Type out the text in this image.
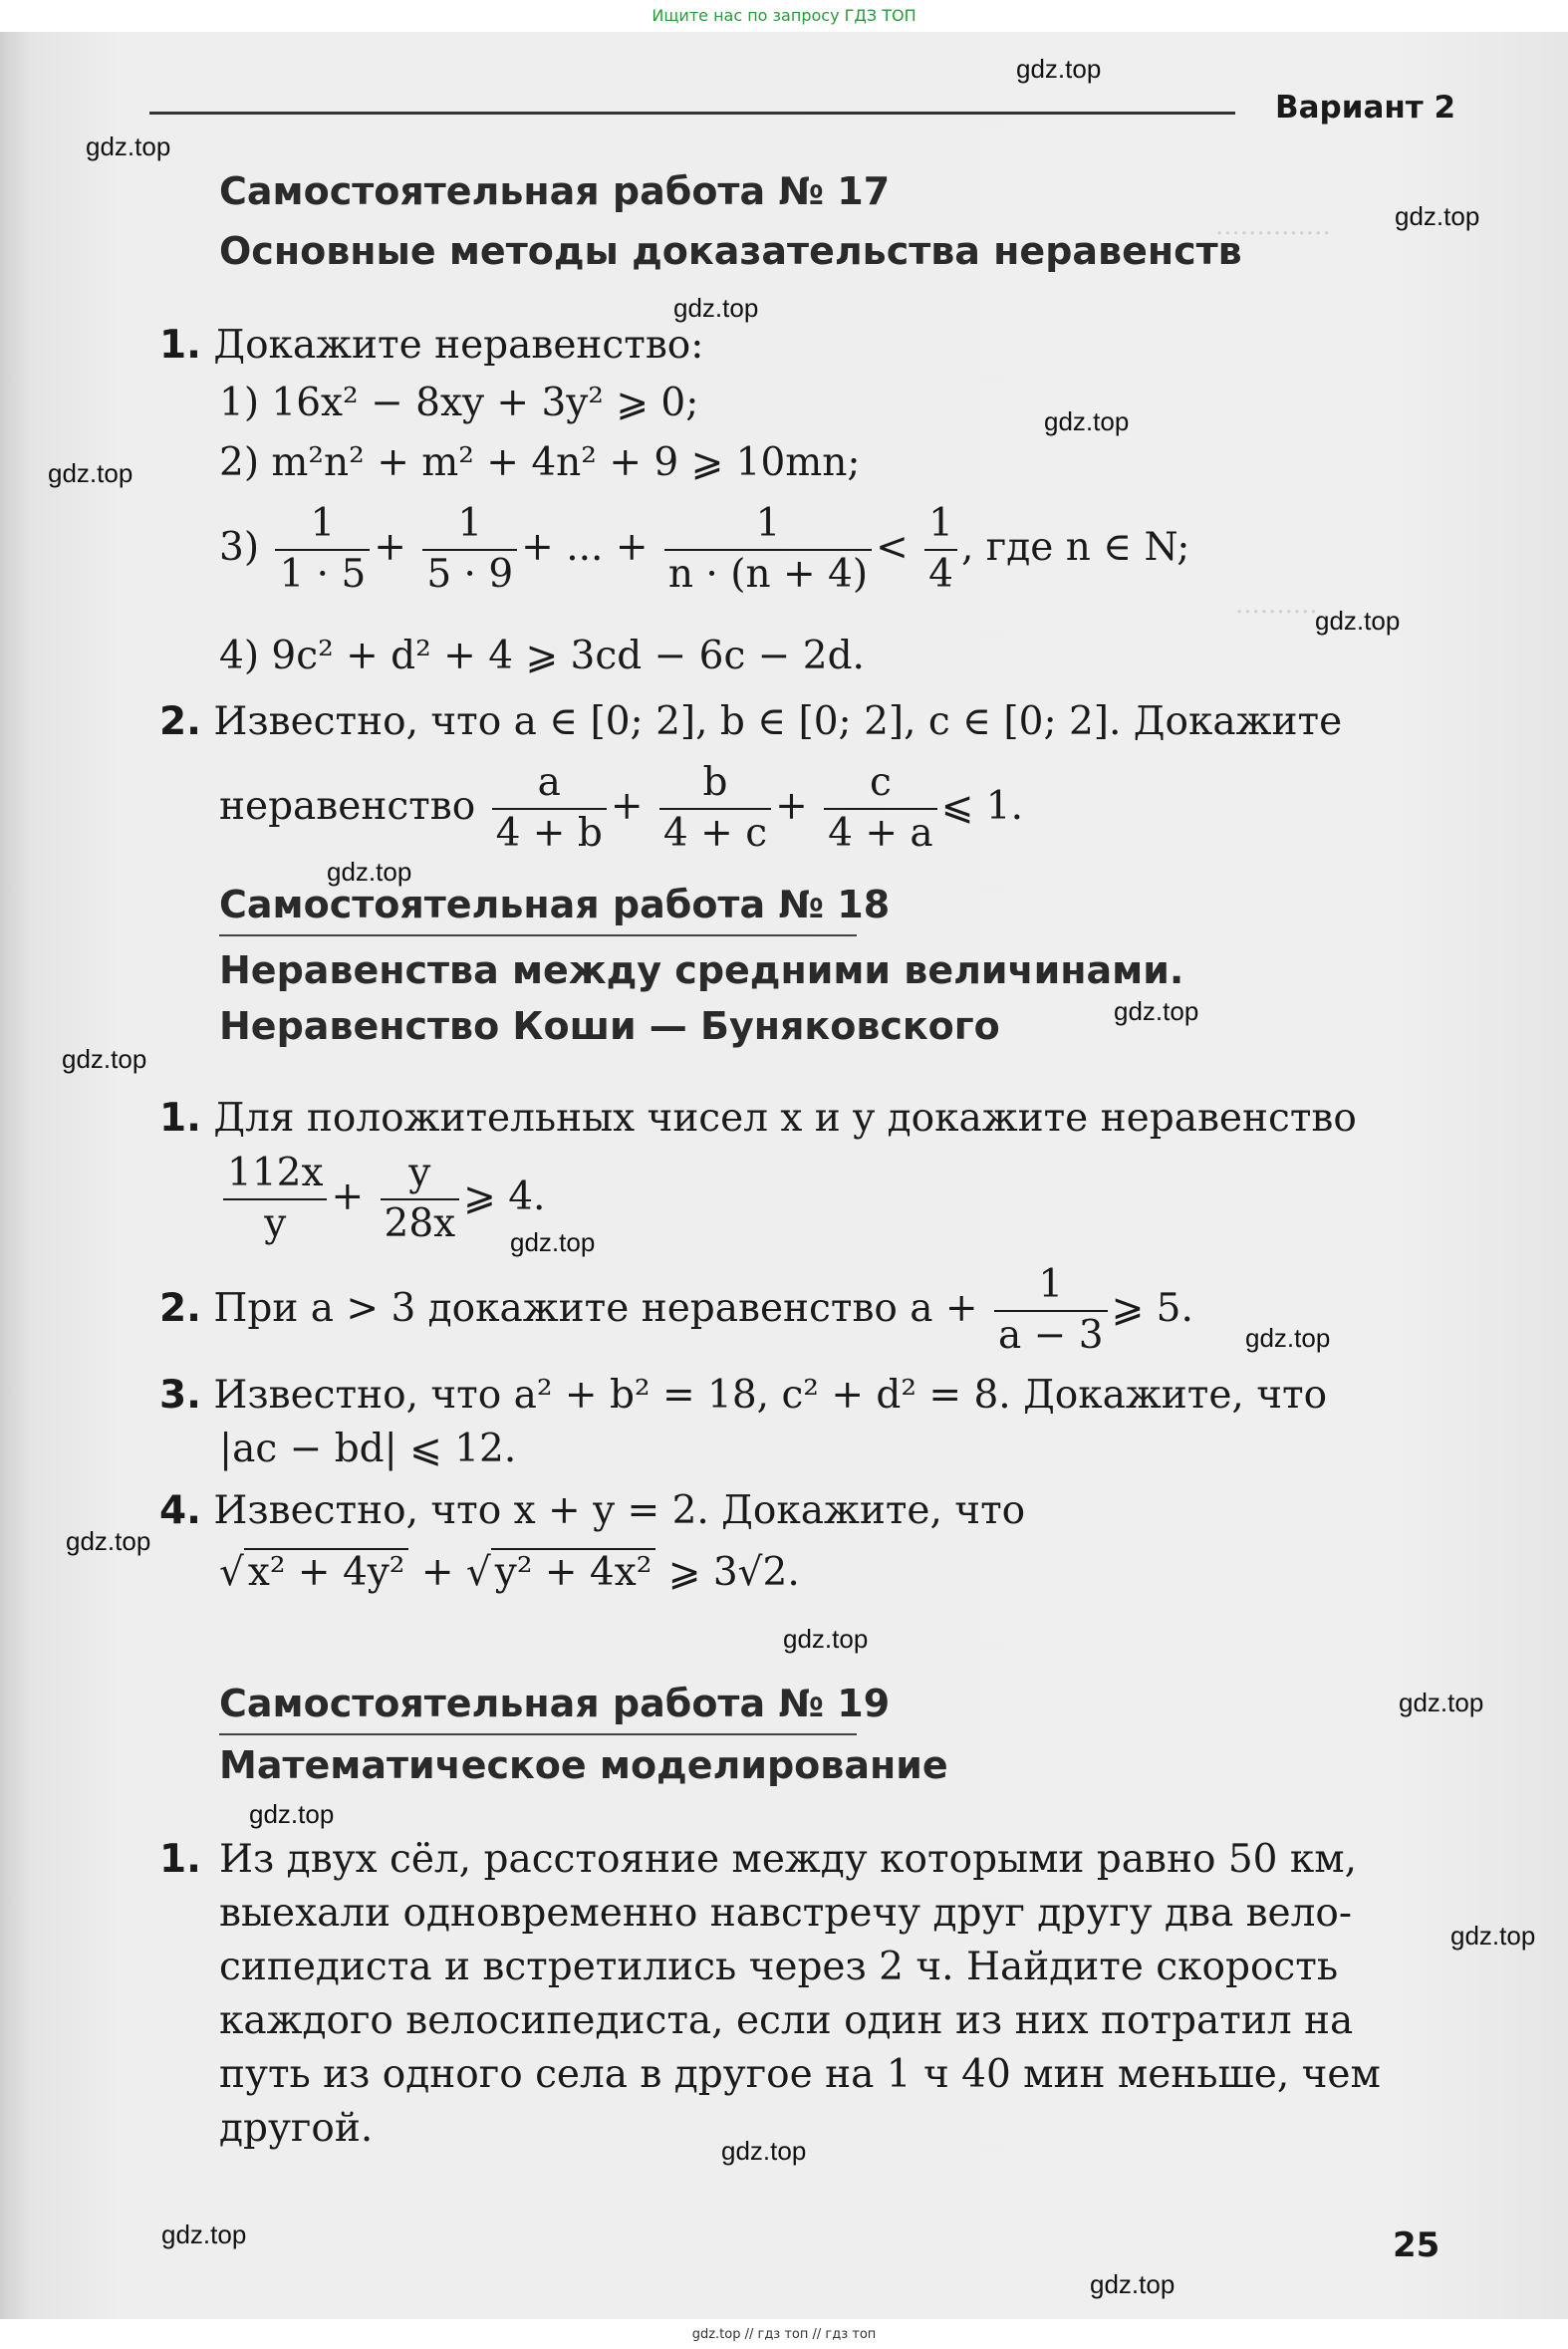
Ищите нас по запросу ГДЗ ТОП
..............
..........
Вариант 2
gdz.top
gdz.top
gdz.top
gdz.top
gdz.top
gdz.top
gdz.top
gdz.top
gdz.top
gdz.top
gdz.top
gdz.top
gdz.top
gdz.top
gdz.top
gdz.top
gdz.top
gdz.top
gdz.top
gdz.top
Самостоятельная работа № 17
Основные методы доказательства неравенств
1. Докажите неравенство:
1) 16x² − 8xy + 3y² ⩾ 0;
2) m²n² + m² + 4n² + 9 ⩾ 10mn;
$3) \frac{1}{1 \cdot 5} + \frac{1}{5 \cdot 9}$ + ... + $\frac{1}{n \cdot (n + 4)} < \frac{1}{4}$ , где n ∈ N;
4) 9c² + d² + 4 ⩾ 3cd − 6c − 2d.
2. Известно, что a ∈ [0; 2], b ∈ [0; 2], c ∈ [0; 2]. Докажите
неравенство $\frac{a}{4 + b} + \frac{b}{4 + c} + \frac{c}{4 + a}$ ⩽ 1.
Самостоятельная работа № 18
Неравенства между средними величинами.
Неравенство Коши — Буняковского
1. Для положительных чисел x и y докажите неравенство
$\frac{112x}{y} + \frac{y}{28x}$ ⩾ 4.
2. При a > 3 докажите неравенство $a + \frac{1}{a - 3}$ ⩾ 5.
3. Известно, что a² + b² = 18, c² + d² = 8. Докажите, что
|ac − bd| ⩽ 12.
4. Известно, что x + y = 2. Докажите, что
√ x² + 4y² + √ y² + 4x² ⩾ 3√2.
Самостоятельная работа № 19
Математическое моделирование
1. Из двух сёл, расстояние между которыми равно 50 км,
выехали одновременно навстречу друг другу два вело-
сипедиста и встретились через 2 ч. Найдите скорость
каждого велосипедиста, если один из них потратил на
путь из одного села в другое на 1 ч 40 мин меньше, чем
другой.
25
gdz.top // гдз топ // гдз топ
